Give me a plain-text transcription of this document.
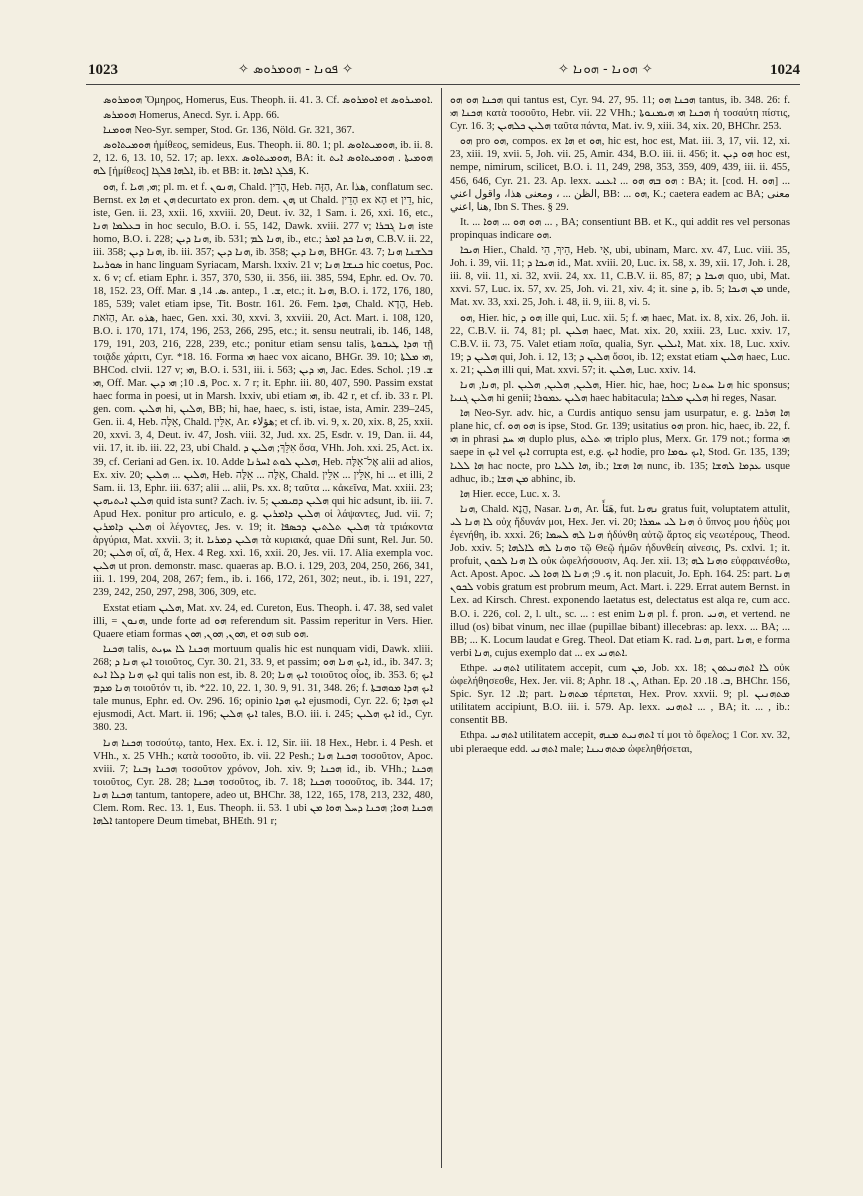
1023	✧ ܦܘܢܐ - ܗܘܡܪܘܣ ✧	✧ ܗܘܢܐ - ܗܘܢܐ ✧	1024

ܗܘܡܪܘܣ Ὅμηρος, Homerus, Eus. Theoph. ii. 41. 3. Cf. ܐܘܡܪܘܣ et ܐܘܡܝܪܘܣ.

ܗܘܡܪܣ Homerus, Anecd. Syr. i. App. 66.

ܗܘܡܢܐ Neo-Syr. semper, Stod. Gr. 136, Nöld. Gr. 321, 367.

ܗܘܡܝܬܐܘܣ ἡμίθεος, semideus, Eus. Theoph. ii. 80. 1; pl. ܗܘܡܝܬܐܘܣ, ib. ii. 8. 2, 12. 6, 13. 10, 52. 17; ap. lexx. ܗܘܡܝܬܐܘܣ, BA: it. ܗܘܡܝܬܐ . ܗܘܡܝܬܐܘܣ ܐܝܬ ܠܗ [ἡμίθεος] ܐܠܗܐ ܦܠܓܐ, ib. et BB: it. ܦܠܓ ܐܠܗܐ, K.

ܗܘ, f. ܗܝ, ܗܝܐ; pl. m. et f. ܗܢܘܢ, Chald. הָדֵין, Heb. הַזֶּה, Ar. هذا, conflatum sec. Bernst. ex ܗܐ et ܗܢ decurtato ex pron. dem. ܗܢ, ut Chald. הָדֵין ex הָא et דֵין, hic, iste, Gen. ii. 23, xxii. 16, xxviii. 20, Deut. iv. 32, 1 Sam. i. 26, xxi. 16, etc., ܒܥܠܡܐ ܗܢܐ in hoc seculo, B.O. i. 55, 142, Dawk. xviii. 277 v; ܗܢܐ ܓܒܪܐ iste homo, B.O. i. 228; ܗܢܐ ܕܝܢ, ib. 531; ܗܢܐ ܠܡ, ib., etc.; ܗܢܐ ܟܕ ܐܡܪ, C.B.V. ii. 22, iii. 358; ܗܢܐ ܕܝܢ, ib. iii. 357; ܗܢܐ ܕܝܢ, ib. 358; ܗܢܐ ܕܝܢ, BHGr. 43. 7; ܒܠܫܢܐ ܗܢܐ ܣܘܪܝܝܐ in hanc linguam Syriacam, Marsh. lxxiv. 21 v; ܟܢܫܐ ܗܢܐ hic coetus, Poc. x. 6 v; cf. etiam Ephr. i. 357, 370, 530, ii. 356, iii. 385, 594, Ephr. ed. Ov. 70. 18, 152. 23, Off. Mar. ܣ. 14, ܦ. antep., ܫ. 1, etc.; it. ܗܢܐ, B.O. i. 172, 176, 180, 185, 539; valet etiam ipse, Tit. Bostr. 161. 26. Fem. ܗܕܐ, Chald. הָדָא, Heb. הַזֹּאת, Ar. هذه, haec, Gen. xxi. 30, xxvi. 3, xxviii. 20, Act. Mart. i. 108, 120, B.O. i. 170, 171, 174, 196, 253, 266, 295, etc.; it. sensu neutrali, ib. 146, 148, 179, 191, 203, 216, 228, 239, etc.; ponitur etiam sensu talis, ܗܕܐ ܛܝܒܘܬܐ τῇ τοιᾷδε χάριτι, Cyr. *18. 16. Forma ܗܝ haec vox aicano, BHGr. 39. 10; ܗܝ ܡܠܬܐ, BHCod. clvii. 127 v; ܗܝ, B.O. i. 531, iii. i. 563; ܗܝ ܕܝܢ, Jac. Edes. Schol. ܫ. 19; ܗܝ, Off. Mar. ܦ. 10; ܗܝ ܕܝܢ, Poc. x. 7 r; it. Ephr. iii. 80, 407, 590. Passim exstat haec forma in poesi, ut in Marsh. lxxiv, ubi etiam ܗܝ, ib. 42 r, et cf. ib. 33 r. Pl. gen. com. ܗܠܝܢ hi, ܗܠܝܢ, BB; hi, hae, haec, s. isti, istae, ista, Amir. 239–245, Gen. ii. 4, Heb. אֵלֶּה, Chald. אִלֵּין, Ar. هؤلاء; et cf. ib. vi. 9, x. 20, xix. 8, 25, xxii. 20, xxvi. 3, 4, Deut. iv. 47, Josh. viii. 32, Jud. xx. 25, Esdr. v. 19, Dan. ii. 44, vii. 17, it. ib. iii. 22, 23, ubi Chald. אִלֵּךְ; ܗܠܝܢ ܕ ὅσα, VHh. Joh. xxi. 25, Act. ix. 39, cf. Ceriani ad Gen. ix. 10. Adde ܗܠܝܢ ܠܘܬ ܐܚܪܢܐ, Heb. אֶל־אֵלֶּה alii ad alios, Ex. xiv. 20; ܗܠܝܢ ... ܗܠܝܢ, Heb. אֵלֶּה ... אֵלֶּה, Chald. אִלֵּין ... אִלֵּין, hi ... et illi, 2 Sam. ii. 13, Ephr. iii. 637; alii ... alii, Ps. xx. 8; ταῦτα ... κἀκεῖνα, Mat. xxiii. 23; ܗܠܝܢ ܐܝܬܝܗܝܢ quid ista sunt? Zach. iv. 5; ܗܠܝܢ ܕܩܝܡܝܢ qui hic adsunt, ib. iii. 7. Apud Hex. ponitur pro articulo, e. g. ܗܠܝܢ ܕܐܡܪܝܢ οἱ λάψαντες, Jud. vii. 7; ܗܠܝܢ ܕܐܡܪܝܢ οἱ λέγοντες, Jes. v. 19; it. ܗܠܝܢ ܬܠܬܝܢ ܕܟܣܦܐ τὰ τριάκοντα ἀργύρια, Mat. xxvii. 3; it. ܗܠܝܢ ܕܡܪܝܐ τὰ κυριακά, quae Dñi sunt, Rel. Jur. 50. 20; ܗܠܝܢ οἵ, αἵ, ἅ, Hex. 4 Reg. xxi. 16, xxii. 20, Jes. vii. 17. Alia exempla voc. ܗܠܝܢ ut pron. demonstr. masc. quaeras ap. B.O. i. 129, 203, 204, 250, 266, 341, iii. 1. 199, 204, 208, 267; fem., ib. i. 166, 172, 261, 302; neut., ib. i. 191, 227, 239, 242, 250, 297, 298, 306, 309, etc.

Exstat etiam ܗܠܝܢ, Mat. xv. 24, ed. Cureton, Eus. Theoph. i. 47. 38, sed valet illi, = ܗܢܘܢ, unde forte ad ܗܘ referendum sit. Passim reperitur in Vers. Hier. Quaere etiam formas ܗܘܢ, ܗܘܢ, ܗܘܢ, et ܗܘ sub ܗܘ.

ܗܟܢܐ talis, ܗܟܢܐ ܠܐ ܚܙܝܬ mortuum qualis hic est nunquam vidi, Dawk. xliii. 268; ܐܝܟ ܗܢܐ ܕ τοιοῦτος, Cyr. 30. 21, 33. 9, et passim; ܐܝܟ ܗܢܐ ܗܘ, id., ib. 347. 3; ܐܝܟ ܗܢܐ ܕܠܐ ܐܝܬ qui talis non est, ib. 8. 20; ܐܝܟ ܗܢܐ τοιοῦτος οἷος, ib. 353. 6; ܐܝܟ ܗܢܐ ܡܕܡ τοιοῦτόν τι, ib. *22. 10, 22. 1, 30. 9, 91. 31, 348. 26; f. ܐܝܟ ܗܕܐ ܡܘܗܒܬܐ tale munus, Ephr. ed. Ov. 296. 16; opinio ܐܝܟ ܗܕܐ ejusmodi, Cyr. 22. 6; ܐܝܟ ܗܕܐ ejusmodi, Act. Mart. ii. 196; ܐܝܟ ܗܠܝܢ tales, B.O. iii. i. 245; ܐܝܟ ܗܠܝܢ id., Cyr. 380. 23.

ܗܟܢܐ ܗܢܐ τοσούτῳ, tanto, Hex. Ex. i. 12, Sir. iii. 18 Hex., Hebr. i. 4 Pesh. et VHh., x. 25 VHh.; κατὰ τοσοῦτο, ib. vii. 22 Pesh.; ܗܟܢܐ ܗܢܐ τοσοῦτον, Apoc. xviii. 7; ܗܟܢܐ ܙܒܢܐ τοσοῦτον χρόνον, Joh. xiv. 9; ܗܟܢܐ id., ib. VHh.; ܗܟܢܐ τοιοῦτος, Cyr. 28. 28; ܗܟܢܐ τοσοῦτος, ib. 7. 18; ܗܟܢܐ τοσοῦτος, ib. 344. 17; ܗܟܢܐ ܗܢܐ tantum, tantopere, adeo ut, BHChr. 38, 122, 165, 178, 213, 232, 480, Clem. Rom. Rec. 13. 1, Eus. Theoph. ii. 53. 1 ubi ܗܟܢܐ ܗܘܐ; ܗܟܢܐ ܕܚܠ ܗܘܐ ܡܢ ܐܠܗܐ tantopere Deum timebat, BHEth. 91 r;

ܗܟܢܐ ܗܘ ܗܘ qui tantus est, Cyr. 94. 27, 95. 11; ܗܟܢܐ ܗܘ tantus, ib. 348. 26: f. ܗܟܢܐ ܗܝ κατὰ τοσοῦτο, Hebr. vii. 22 VHh.; ܗܟܢܐ ܗܝ ܗܝܡܢܘܬܐ ἡ τοσαύτη πίστις, Cyr. 16. 3; ܗܠܝܢ ܟܠܗܝܢ ταῦτα πάντα, Mat. iv. 9, xiii. 34, xix. 20, BHChr. 253.

ܗܘ pro ܗܘ, compos. ex ܗܐ et ܗܘ, hic est, hoc est, Mat. iii. 3, 17, vii. 12, xi. 23, xiii. 19, xvii. 5, Joh. vii. 25, Amir. 434, B.O. iii. ii. 456; it. ܗܘ ܕܝܢ hoc est, nempe, nimirum, scilicet, B.O. i. 11, 249, 298, 353, 359, 409, 439, iii. ii. 455, 456, 646, Cyr. 21. 23. Ap. lexx. ܗܘ ܒܗ ܗܘ ... ܐܥܢܝ : BA; it. [cod. H. ܗܘ] ... الظن ... ، ومعنى هذا، واقول اعني, BB: ... ܗܘ, K.; caetera eadem ac BA; معنى هنا ,اعني, Ibn S. Thes. § 29.

It. ... ܗܘ ܗܘ ... ܗܘܐ ... , BA; consentiunt BB. et K., qui addit res vel personas propinquas indicare ܗܘ.

ܗܝܟܐ Hier., Chald. הֵיךְ, הֵי, Heb. אֵי, ubi, ubinam, Marc. xv. 47, Luc. viii. 35, Joh. i. 39, vii. 11; ܗܝܟܐ ܕ id., Mat. xviii. 20, Luc. ix. 58, x. 39, xii. 17, Joh. i. 28, iii. 8, vii. 11, xi. 32, xvii. 24, xx. 11, C.B.V. ii. 85, 87; ܗܝܟܐ ܕ quo, ubi, Mat. xxvi. 57, Luc. ix. 57, xv. 25, Joh. vi. 21, xiv. 4; it. sine ܕ, ib. 5; ܡܢ ܗܝܟܐ unde, Mat. xv. 33, xxi. 25, Joh. i. 48, ii. 9, iii. 8, vi. 5.

ܗܘ, Hier. hic, ܗܘ ܕ ille qui, Luc. xii. 5; f. ܗܝ haec, Mat. ix. 8, xix. 26, Joh. ii. 22, C.B.V. ii. 74, 81; pl. ܗܠܝܢ haec, Mat. xix. 20, xxiii. 23, Luc. xxiv. 17, C.B.V. ii. 73, 75. Valet etiam ποῖα, qualia, Syr. ܐܝܠܝܢ, Mat. xix. 18, Luc. xxiv. 19; ܗܠܝܢ ܕ qui, Joh. i. 12, 13; ܗܠܝܢ ܕ ὅσοι, ib. 12; exstat etiam ܗܠܝܢ haec, Luc. x. 21; ܗܠܝܢ illi qui, Mat. xxvi. 57; it. ܗܠܝܢ, Luc. xxiv. 14.

ܗܢܐ, ܗܢܐ, pl. ܗܠܝܢ, ܗܠܝܢ, ܗܠܝܢ, Hier. hic, hae, hoc; ܗܢܐ ܚܬܢܐ hic sponsus; ܗܠܝܢ ܓܢܝܐ hi genii; ܗܠܝܢ ܥܡܘܪܐ haec habitacula; ܗܠܝܢ ܡܠܟܐ hi reges, Nasar.

ܗܐ Neo-Syr. adv. hic, a Curdis antiquo sensu jam usurpatur, e. g. ܗܐ ܗܪܟܐ plane hic, cf. ܗܘ ܗܘ is ipse, Stod. Gr. 139; usitatius ܗܘ pron. hic, haec, ib. 22, f. ܗܝ in phrasi ܗܝ ܚܕ duplo plus, ܗܝ ܬܠܬ triplo plus, Merx. Gr. 179 not.; forma ܗܝ saepe in ܐܝܟ vel ܐܝܟ corrupta est, e.g. ܐܝܟ hodie, pro ܐܝܟ ܝܘܡܐ, Stod. Gr. 135, 139; ܗܐ ܠܠܝܐ hac nocte, pro ܗܐ ܠܠܝܐ, ib.; ܗܐ ܗܫܐ nunc, ib. 135; ܥܕܡܐ ܠܗܫܐ usque adhuc, ib.; ܡܢ ܗܫܐ abhinc, ib.

ܗܐ Hier. ecce, Luc. x. 3.

ܗܢܐ, Chald. הֲנָא, Nasar. ܗܢܐ, Ar. هَنَأَ, fut. ܢܗܢܐ gratus fuit, voluptatem attulit, ܠܐ ܗܢܐ ܠܝ οὐχ ἥδυνάν μοι, Hex. Jer. vi. 20; ܗܢܐ ܠܝ ܚܡܪܐ ὁ ὕπνος μου ἡδὺς μοι ἐγενήθη, ib. xxxi. 26; ܗܢܐ ܠܗ ܠܚܡܐ ἡδύνθη αὐτῷ ἄρτος εἰς νεωτέρους, Theod. Job. xxiv. 5; ܘܗܢܐ ܠܗ ܠܐܠܗܐ τῷ Θεῷ ἡμῶν ἡδυνθείη αἰνεσις, Ps. cxlvi. 1; it. profuit, ܠܐ ܗܢܐ ܠܟܘܢ οὐκ ὠφελήσουσιν, Aq. Jer. xii. 13; ܘܗܢܐ ܠܗ εὐφραινέσθω, Act. Apost. Apoc. ܟ. 9; ܗܢܐ ܠܐ ܗܘܐ ܠܝ it. non placuit, Jo. Eph. 164. 25: part. ܗܢܐ ܠܟܘܢ vobis gratum est probrum meum, Act. Mart. i. 229. Errat autem Bernst. in Lex. ad Kirsch. Chrest. exponendo laetatus est, delectatus est alqa re, cum acc. B.O. i. 226, col. 2, l. ult., sc. ... : est enim ܗܢܐ pl. f. pron. ܗܢܝ, et vertend. ne illud (os) bibat vinum, nec illae (pupillae bibant) illecebras: ap. lexx. ... BA; ... BB; ... K. Locum laudat e Greg. Theol. Dat etiam K. rad. ܗܢܐ, part. ܗܢܐ, e forma verbi ܗܢܐ, cujus exemplo dat ... ex ܐܬܗܢܝ.

Ethpe. ܐܬܗܢܝ utilitatem accepit, cum ܡܢ, Job. xx. 18; ܠܐ ܐܬܗܢܝܬܘܢ οὐκ ὠφελήθησεσθε, Hex. Jer. vii. 8; Aphr. ܢ. 18, Athan. Ep. ܒ. 18. 20, BHChr. 156, Spic. Syr. ܐܐ. 12; part. ܡܬܗܢܐ τέρπεται, Hex. Prov. xxvii. 9; pl. ܡܬܗܢܝܢ utilitatem accipiunt, B.O. iii. i. 579. Ap. lexx. ܐܬܗܢܝ ... , BA; it. ... , ib.: consentit BB.

Ethpa. ܐܬܗܢܝ utilitatem accepit, ܐܬܗܢܝܬ ܡܢܗ τί μοι τὸ ὄφελος; 1 Cor. xv. 32, ubi pleraeque edd. ܐܬܗܢܝ male; ܡܬܗܢܝܢܐ ὠφεληθήσεται,
